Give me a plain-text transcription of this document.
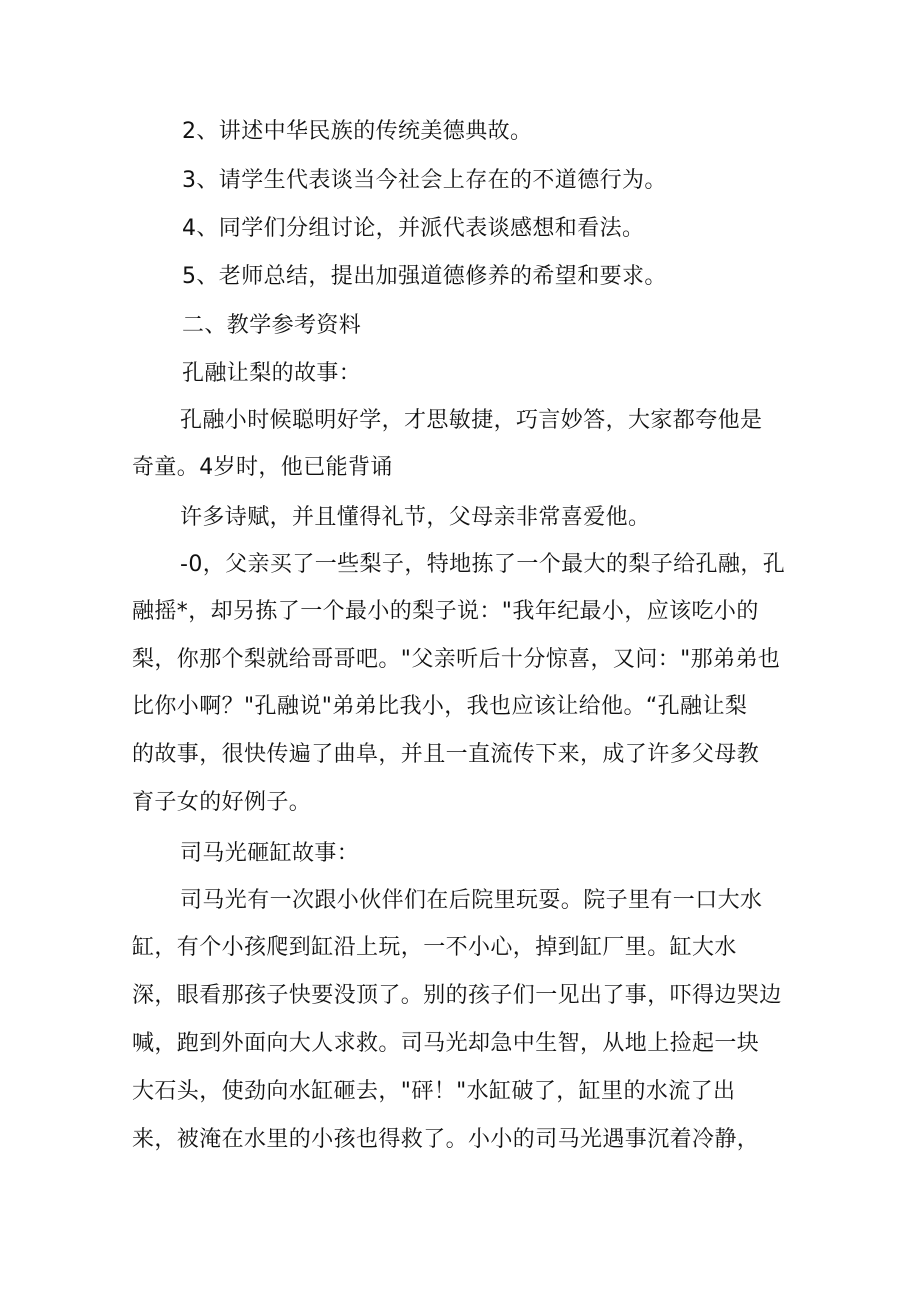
2、讲述中华民族的传统美德典故。
3、请学生代表谈当今社会上存在的不道德行为。
4、同学们分组讨论，并派代表谈感想和看法。
5、老师总结，提出加强道德修养的希望和要求。
二、教学参考资料
孔融让梨的故事：
孔融小时候聪明好学，才思敏捷，巧言妙答，大家都夸他是
奇童。4岁时，他已能背诵
许多诗赋，并且懂得礼节，父母亲非常喜爱他。
-0，父亲买了一些梨子，特地拣了一个最大的梨子给孔融，孔
融摇*，却另拣了一个最小的梨子说："我年纪最小，应该吃小的
梨，你那个梨就给哥哥吧。"父亲听后十分惊喜，又问："那弟弟也
比你小啊？"孔融说"弟弟比我小，我也应该让给他。“孔融让梨
的故事，很快传遍了曲阜，并且一直流传下来，成了许多父母教
育子女的好例子。
司马光砸缸故事：
司马光有一次跟小伙伴们在后院里玩耍。院子里有一口大水
缸，有个小孩爬到缸沿上玩，一不小心，掉到缸厂里。缸大水
深，眼看那孩子快要没顶了。别的孩子们一见出了事，吓得边哭边
喊，跑到外面向大人求救。司马光却急中生智，从地上捡起一块
大石头，使劲向水缸砸去，"砰！"水缸破了，缸里的水流了出
来，被淹在水里的小孩也得救了。小小的司马光遇事沉着冷静，
